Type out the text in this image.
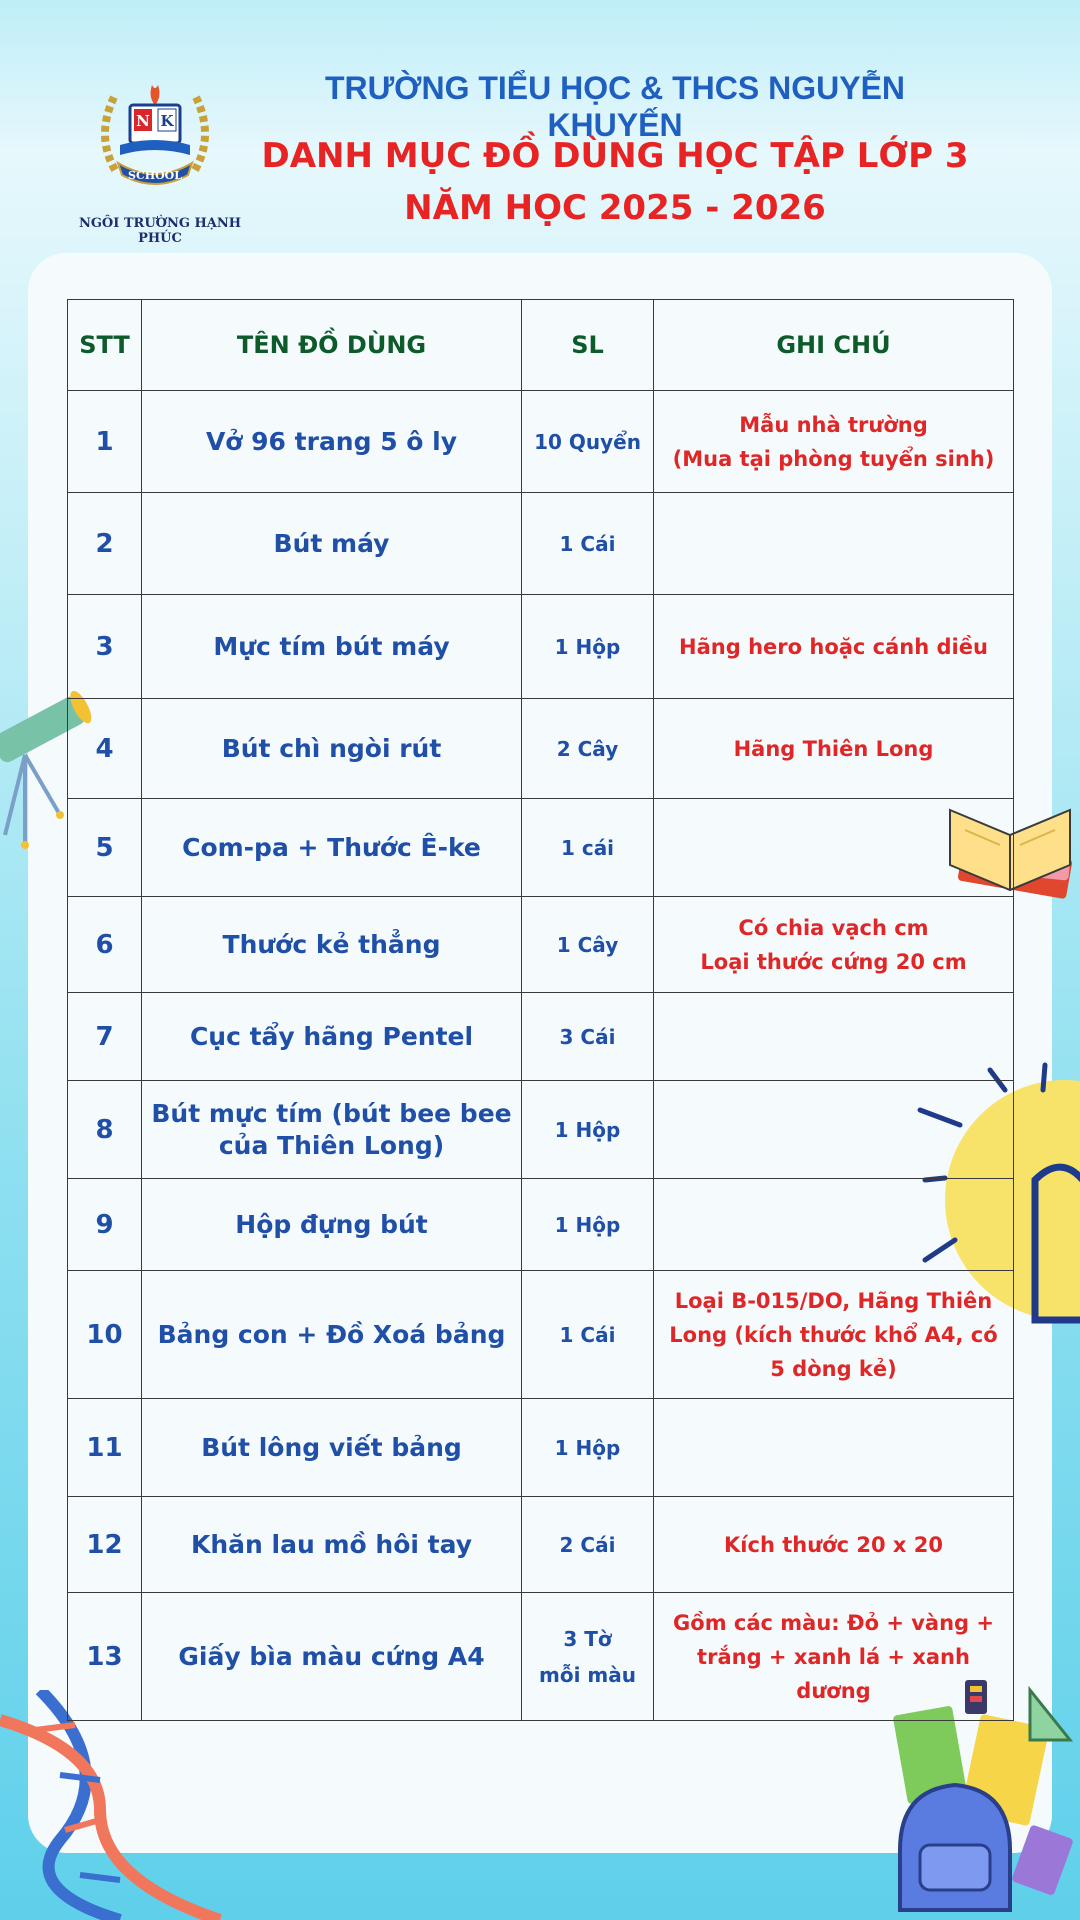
N K
SCHOOL
NGÔI TRƯỜNG HẠNH PHÚC
TRƯỜNG TIỂU HỌC & THCS NGUYỄN KHUYẾN
DANH MỤC ĐỒ DÙNG HỌC TẬP LỚP 3
NĂM HỌC 2025 - 2026
STT	TÊN ĐỒ DÙNG	SL	GHI CHÚ
1	Vở 96 trang 5 ô ly	10 Quyển	Mẫu nhà trường
(Mua tại phòng tuyển sinh)
2	Bút máy	1 Cái	
3	Mực tím bút máy	1 Hộp	Hãng hero hoặc cánh diều
4	Bút chì ngòi rút	2 Cây	Hãng Thiên Long
5	Com-pa + Thước Ê-ke	1 cái	
6	Thước kẻ thẳng	1 Cây	Có chia vạch cm
Loại thước cứng 20 cm
7	Cục tẩy hãng Pentel	3 Cái	
8	Bút mực tím (bút bee bee
của Thiên Long)	1 Hộp	
9	Hộp đựng bút	1 Hộp	
10	Bảng con + Đồ Xoá bảng	1 Cái	Loại B-015/DO, Hãng Thiên
Long (kích thước khổ A4, có
5 dòng kẻ)
11	Bút lông viết bảng	1 Hộp	
12	Khăn lau mồ hôi tay	2 Cái	Kích thước 20 x 20
13	Giấy bìa màu cứng A4	3 Tờ
mỗi màu	Gồm các màu: Đỏ + vàng +
trắng + xanh lá + xanh
dương
